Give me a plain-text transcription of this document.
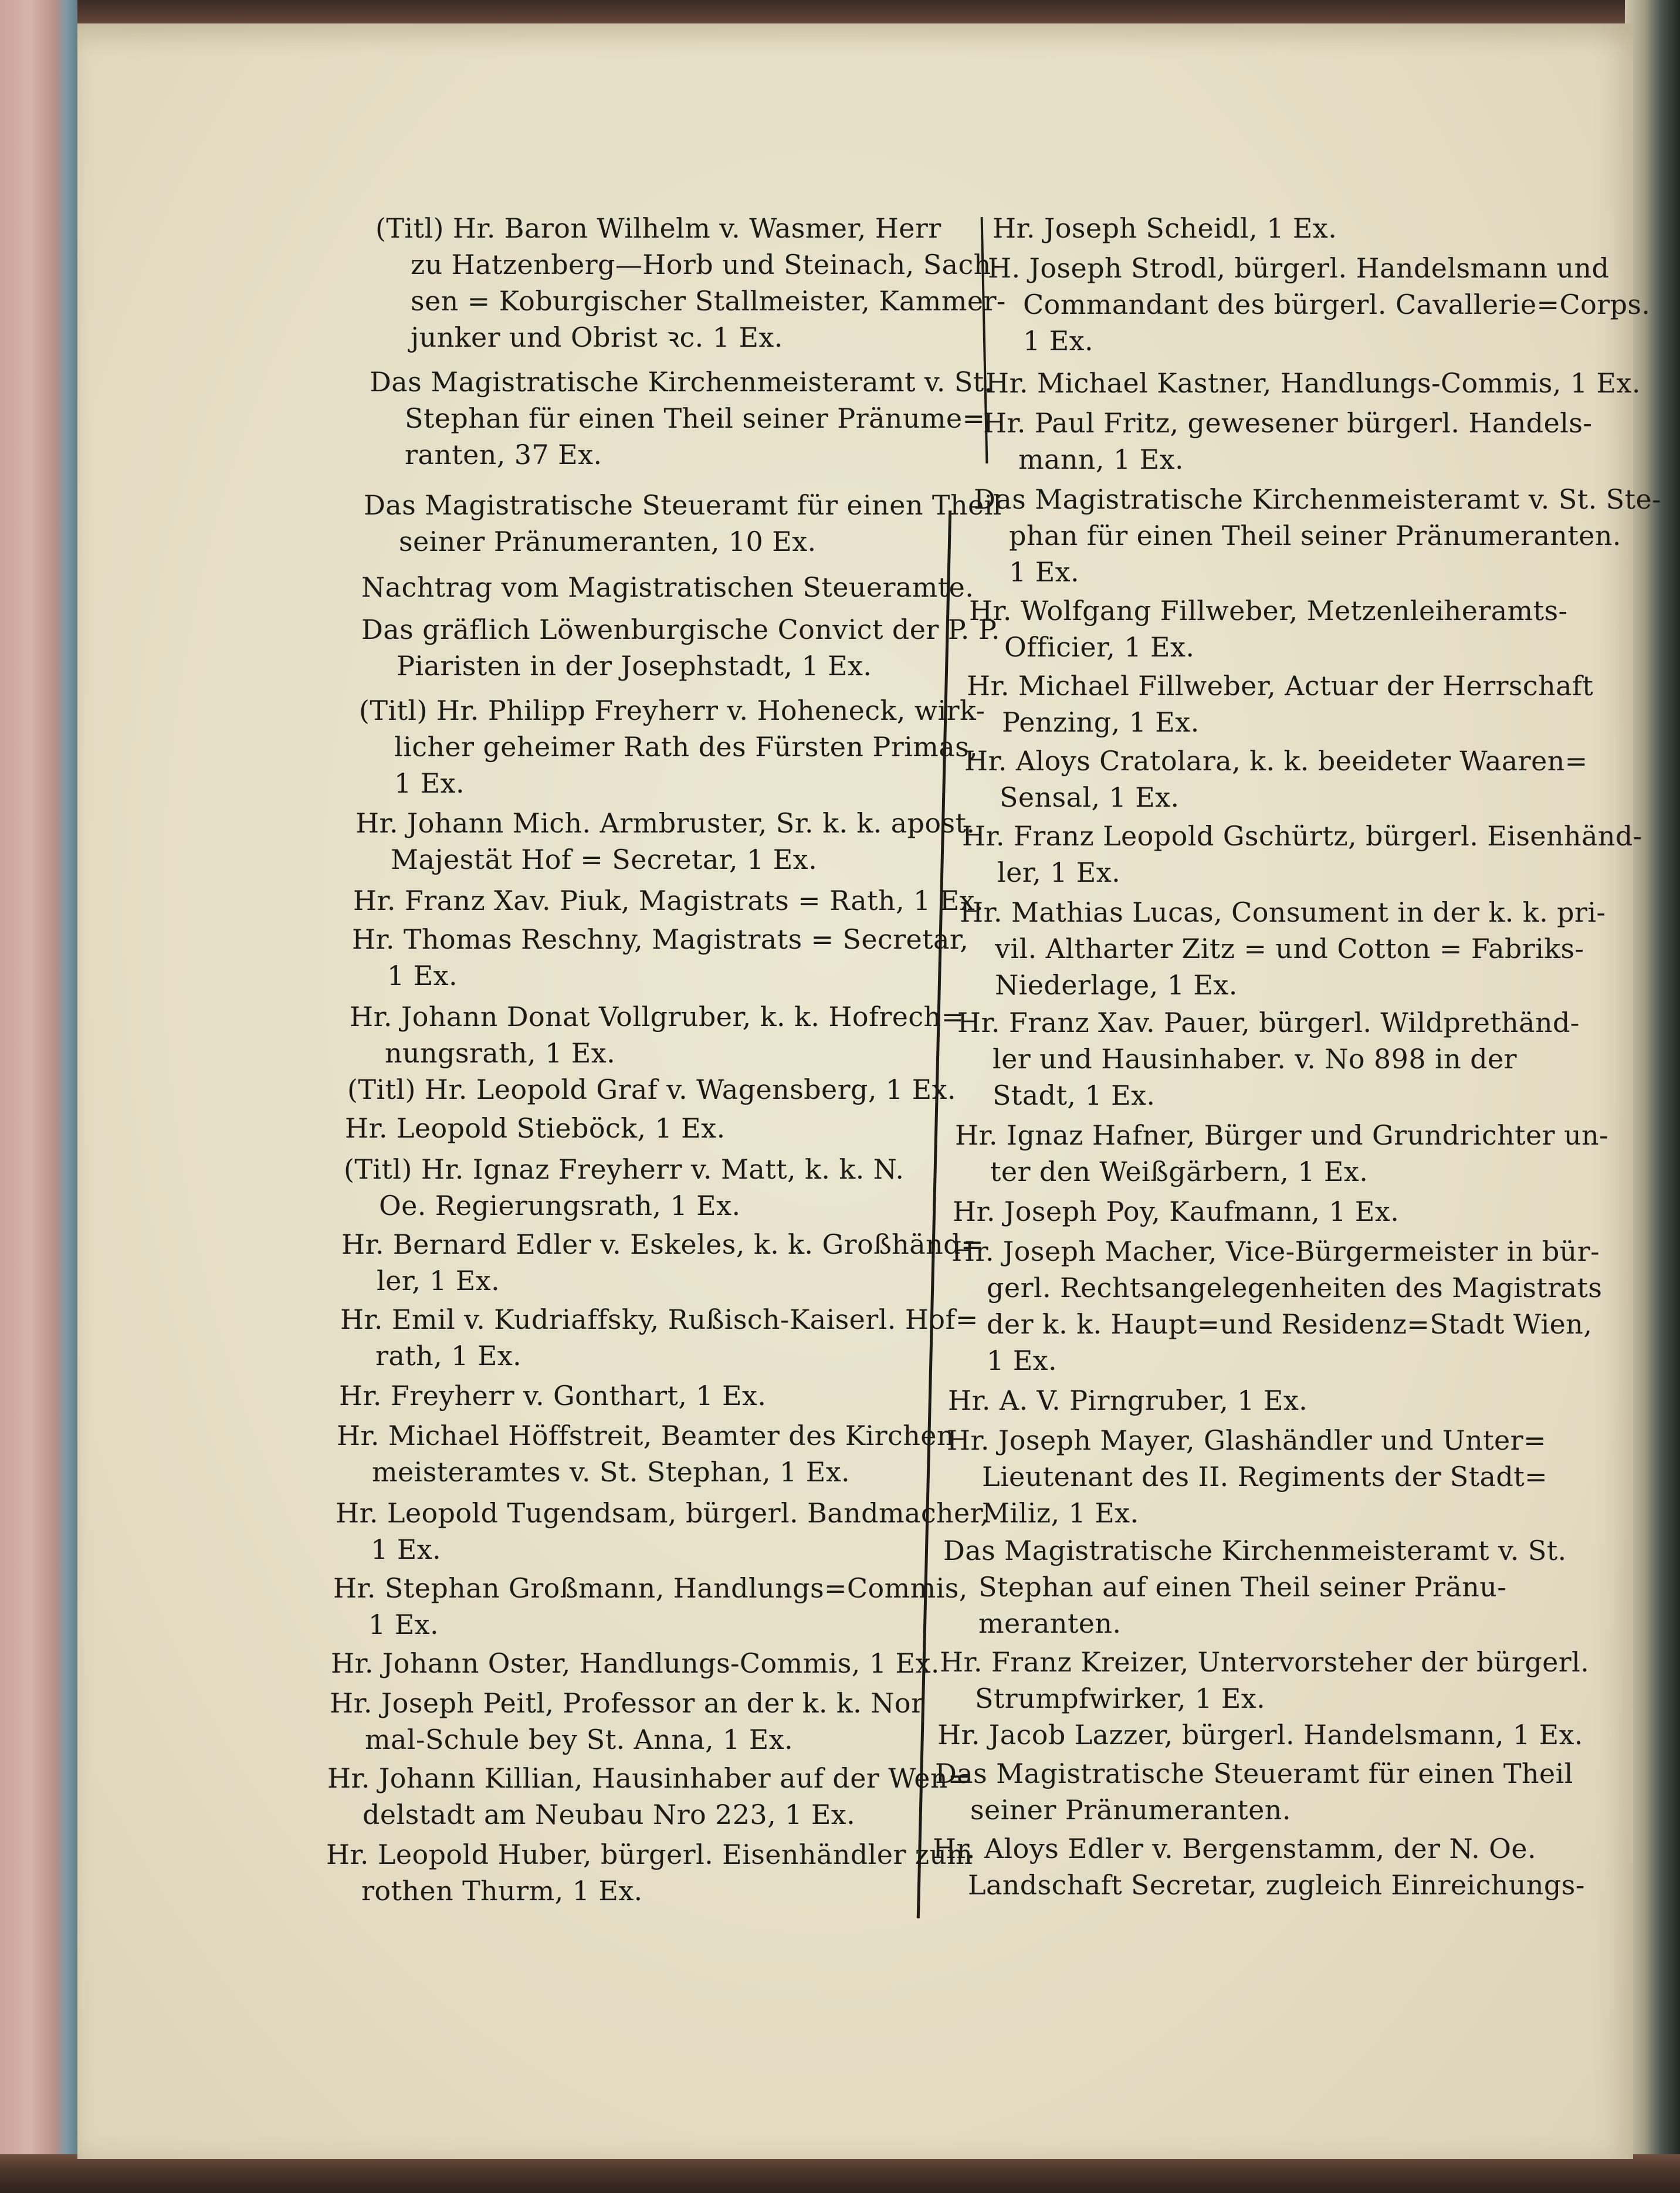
(Titl) Hr. Baron Wilhelm v. Wasmer, Herr
zu Hatzenberg—Horb und Steinach, Sach-
sen = Koburgischer Stallmeister, Kammer-
junker und Obrist ꝛc. 1 Ex.
Das Magistratische Kirchenmeisteramt v. St.
Stephan für einen Theil seiner Pränume=
ranten, 37 Ex.
Das Magistratische Steueramt für einen Theil
seiner Pränumeranten, 10 Ex.
Nachtrag vom Magistratischen Steueramte.
Das gräflich Löwenburgische Convict der P. P.
Piaristen in der Josephstadt, 1 Ex.
(Titl) Hr. Philipp Freyherr v. Hoheneck, wirk-
licher geheimer Rath des Fürsten Primas,
1 Ex.
Hr. Johann Mich. Armbruster, Sr. k. k. apost.
Majestät Hof = Secretar, 1 Ex.
Hr. Franz Xav. Piuk, Magistrats = Rath, 1 Ex.
Hr. Thomas Reschny, Magistrats = Secretar,
1 Ex.
Hr. Johann Donat Vollgruber, k. k. Hofrech=
nungsrath, 1 Ex.
(Titl) Hr. Leopold Graf v. Wagensberg, 1 Ex.
Hr. Leopold Stieböck, 1 Ex.
(Titl) Hr. Ignaz Freyherr v. Matt, k. k. N.
Oe. Regierungsrath, 1 Ex.
Hr. Bernard Edler v. Eskeles, k. k. Großhänd=
ler, 1 Ex.
Hr. Emil v. Kudriaffsky, Rußisch-Kaiserl. Hof=
rath, 1 Ex.
Hr. Freyherr v. Gonthart, 1 Ex.
Hr. Michael Höffstreit, Beamter des Kirchen
meisteramtes v. St. Stephan, 1 Ex.
Hr. Leopold Tugendsam, bürgerl. Bandmacher,
1 Ex.
Hr. Stephan Großmann, Handlungs=Commis,
1 Ex.
Hr. Johann Oster, Handlungs-Commis, 1 Ex.
Hr. Joseph Peitl, Professor an der k. k. Nor
mal-Schule bey St. Anna, 1 Ex.
Hr. Johann Killian, Hausinhaber auf der Wen=
delstadt am Neubau Nro 223, 1 Ex.
Hr. Leopold Huber, bürgerl. Eisenhändler zum
rothen Thurm, 1 Ex.
Hr. Joseph Scheidl, 1 Ex.
H. Joseph Strodl, bürgerl. Handelsmann und
Commandant des bürgerl. Cavallerie=Corps.
1 Ex.
Hr. Michael Kastner, Handlungs-Commis, 1 Ex.
Hr. Paul Fritz, gewesener bürgerl. Handels-
mann, 1 Ex.
Das Magistratische Kirchenmeisteramt v. St. Ste-
phan für einen Theil seiner Pränumeranten.
1 Ex.
Hr. Wolfgang Fillweber, Metzenleiheramts-
Officier, 1 Ex.
Hr. Michael Fillweber, Actuar der Herrschaft
Penzing, 1 Ex.
Hr. Aloys Cratolara, k. k. beeideter Waaren=
Sensal, 1 Ex.
Hr. Franz Leopold Gschürtz, bürgerl. Eisenhänd-
ler, 1 Ex.
Hr. Mathias Lucas, Consument in der k. k. pri-
vil. Altharter Zitz = und Cotton = Fabriks-
Niederlage, 1 Ex.
Hr. Franz Xav. Pauer, bürgerl. Wildprethänd-
ler und Hausinhaber. v. No 898 in der
Stadt, 1 Ex.
Hr. Ignaz Hafner, Bürger und Grundrichter un-
ter den Weißgärbern, 1 Ex.
Hr. Joseph Poy, Kaufmann, 1 Ex.
Hr. Joseph Macher, Vice-Bürgermeister in bür-
gerl. Rechtsangelegenheiten des Magistrats
der k. k. Haupt=und Residenz=Stadt Wien,
1 Ex.
Hr. A. V. Pirngruber, 1 Ex.
Hr. Joseph Mayer, Glashändler und Unter=
Lieutenant des II. Regiments der Stadt=
Miliz, 1 Ex.
Das Magistratische Kirchenmeisteramt v. St.
Stephan auf einen Theil seiner Pränu-
meranten.
Hr. Franz Kreizer, Untervorsteher der bürgerl.
Strumpfwirker, 1 Ex.
Hr. Jacob Lazzer, bürgerl. Handelsmann, 1 Ex.
Das Magistratische Steueramt für einen Theil
seiner Pränumeranten.
Hr. Aloys Edler v. Bergenstamm, der N. Oe.
Landschaft Secretar, zugleich Einreichungs-
